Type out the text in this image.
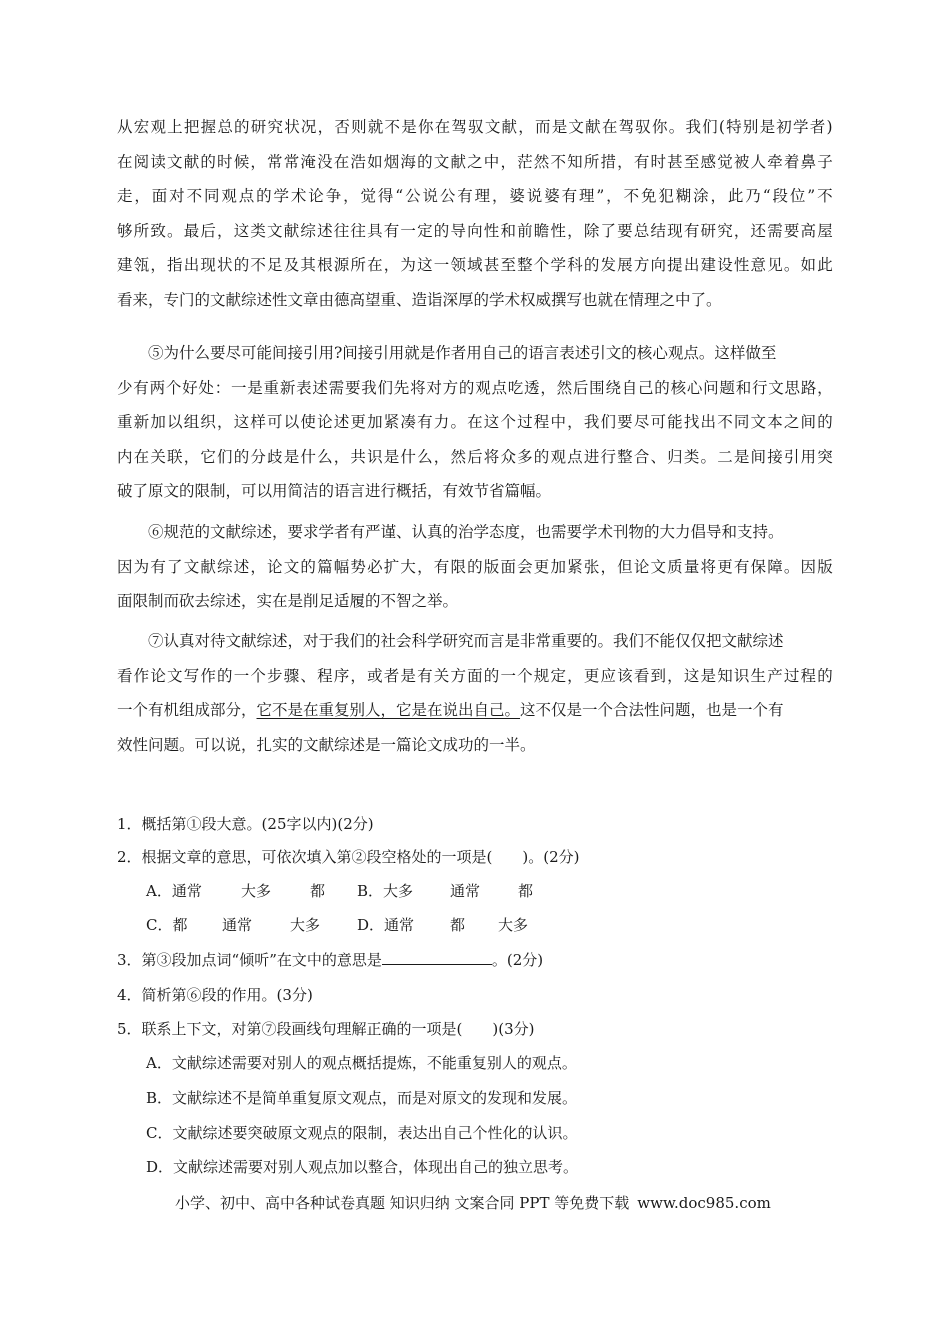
从 宏 观 上 把 握 总 的 研 究 状 况 ， 否 则 就 不 是 你 在 驾 驭 文 献 ， 而 是 文 献 在 驾 驭 你 。 我 们 ( 特 别 是 初 学 者 )
在 阅 读 文 献 的 时 候 ， 常 常 淹 没 在 浩 如 烟 海 的 文 献 之 中 ， 茫 然 不 知 所 措 ， 有 时 甚 至 感 觉 被 人 牵 着 鼻 子
走 ， 面 对 不 同 观 点 的 学 术 论 争 ， 觉 得 “ 公 说 公 有 理 ， 婆 说 婆 有 理 ” ， 不 免 犯 糊 涂 ， 此 乃 “ 段 位 ” 不
够 所 致 。 最 后 ， 这 类 文 献 综 述 往 往 具 有 一 定 的 导 向 性 和 前 瞻 性 ， 除 了 要 总 结 现 有 研 究 ， 还 需 要 高 屋
建 瓴 ， 指 出 现 状 的 不 足 及 其 根 源 所 在 ， 为 这 一 领 域 甚 至 整 个 学 科 的 发 展 方 向 提 出 建 设 性 意 见 。 如 此
看来，专门的文献综述性文章由德高望重、造诣深厚的学术权威撰写也就在情理之中了。
⑤为什么要尽可能间接引用?间接引用就是作者用自己的语言表述引文的核心观点。这样做至
少 有 两 个 好 处 ： 一 是 重 新 表 述 需 要 我 们 先 将 对 方 的 观 点 吃 透 ， 然 后 围 绕 自 己 的 核 心 问 题 和 行 文 思 路 ，
重 新 加 以 组 织 ， 这 样 可 以 使 论 述 更 加 紧 凑 有 力 。 在 这 个 过 程 中 ， 我 们 要 尽 可 能 找 出 不 同 文 本 之 间 的
内 在 关 联 ， 它 们 的 分 歧 是 什 么 ， 共 识 是 什 么 ， 然 后 将 众 多 的 观 点 进 行 整 合 、 归 类 。 二 是 间 接 引 用 突
破了原文的限制，可以用简洁的语言进行概括，有效节省篇幅。
⑥规范的文献综述，要求学者有严谨、认真的治学态度，也需要学术刊物的大力倡导和支持。
因 为 有 了 文 献 综 述 ， 论 文 的 篇 幅 势 必 扩 大 ， 有 限 的 版 面 会 更 加 紧 张 ， 但 论 文 质 量 将 更 有 保 障 。 因 版
面限制而砍去综述，实在是削足适履的不智之举。
⑦认真对待文献综述，对于我们的社会科学研究而言是非常重要的。我们不能仅仅把文献综述
看 作 论 文 写 作 的 一 个 步 骤 、 程 序 ， 或 者 是 有 关 方 面 的 一 个 规 定 ， 更 应 该 看 到 ， 这 是 知 识 生 产 过 程 的
一个有机组成部分， 它不是在重复别人，它是在说出自己。 这不仅是一个合法性问题，也是一个有
效性问题。可以说，扎实的文献综述是一篇论文成功的一半。
1．概括第①段大意。(25字以内)(2分)
2．根据文章的意思，可依次填入第②段空格处的一项是(　　)。(2分)
A．通常	大多	都 B．大多 通常	都
C．都 通常	大多 D．通常 都 大多
3．第③段加点词“倾听”在文中的意思是	。(2分)
4．简析第⑥段的作用。(3分)
5．联系上下文，对第⑦段画线句理解正确的一项是(　　)(3分)
A．文献综述需要对别人的观点概括提炼，不能重复别人的观点。
B．文献综述不是简单重复原文观点，而是对原文的发现和发展。
C．文献综述要突破原文观点的限制，表达出自己个性化的认识。
D．文献综述需要对别人观点加以整合，体现出自己的独立思考。
小学、初中、高中各种试卷真题 知识归纳 文案合同 PPT 等免费下载 www.doc985.com
